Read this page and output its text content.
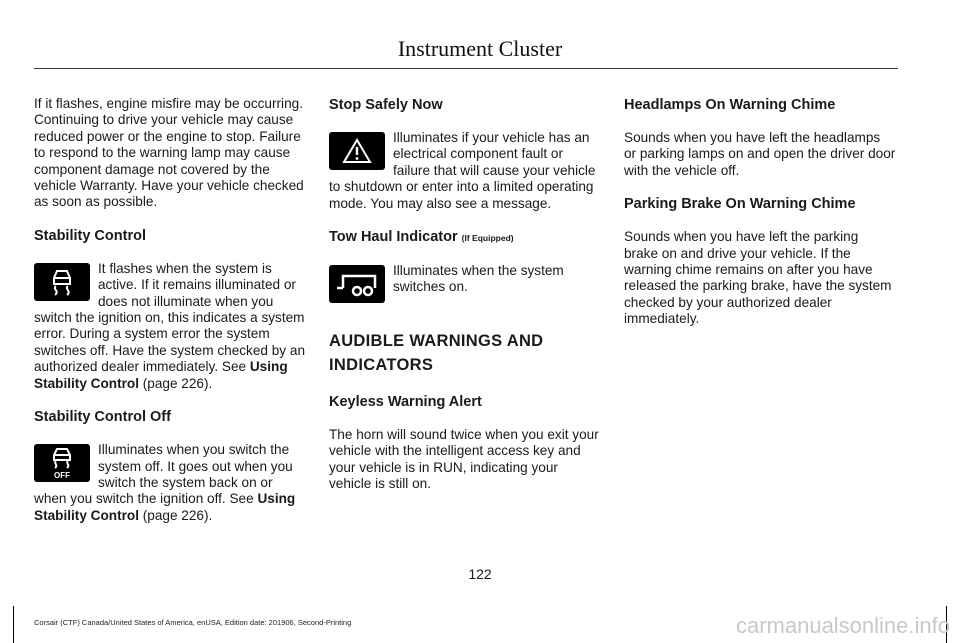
Instrument Cluster

If it flashes, engine misfire may be occurring. Continuing to drive your vehicle may cause reduced power or the engine to stop. Failure to respond to the warning lamp may cause component damage not covered by the vehicle Warranty. Have your vehicle checked as soon as possible.

Stability Control

It flashes when the system is active. If it remains illuminated or does not illuminate when you switch the ignition on, this indicates a system error. During a system error the system switches off. Have the system checked by an authorized dealer immediately. See Using Stability Control (page 226).

Stability Control Off

OFF
Illuminates when you switch the system off. It goes out when you switch the system back on or when you switch the ignition off. See Using Stability Control (page 226).

Stop Safely Now

Illuminates if your vehicle has an electrical component fault or failure that will cause your vehicle to shutdown or enter into a limited operating mode. You may also see a message.

Tow Haul Indicator (If Equipped)

Illuminates when the system switches on.

AUDIBLE WARNINGS AND
INDICATORS
Keyless Warning Alert

The horn will sound twice when you exit your vehicle with the intelligent access key and your vehicle is in RUN, indicating your vehicle is still on.

Headlamps On Warning Chime

Sounds when you have left the headlamps or parking lamps on and open the driver door with the vehicle off.

Parking Brake On Warning Chime

Sounds when you have left the parking brake on and drive your vehicle. If the warning chime remains on after you have released the parking brake, have the system checked by your authorized dealer immediately.

122
Corsair (CTF) Canada/United States of America, enUSA, Edition date: 201906, Second-Printing	carmanualsonline.info
